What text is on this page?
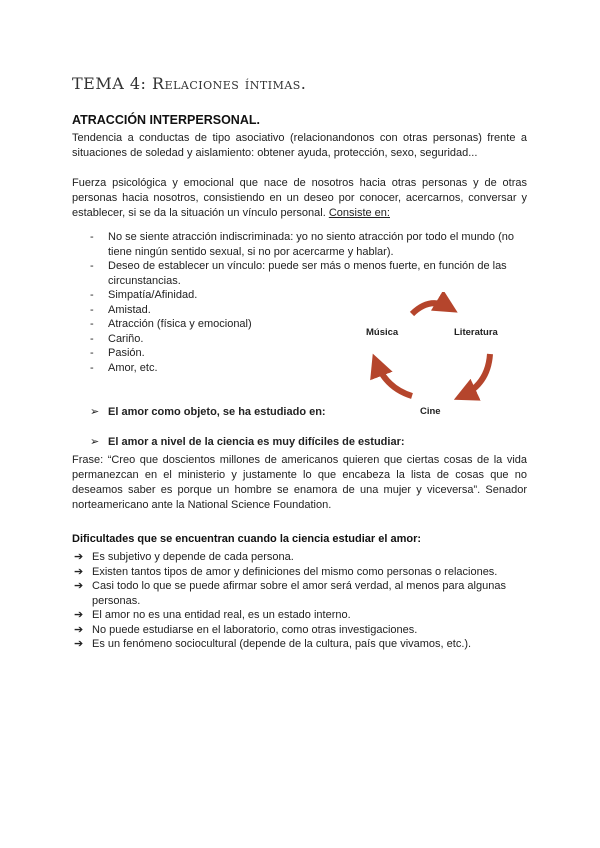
TEMA 4: Relaciones íntimas.
ATRACCIÓN INTERPERSONAL.
Tendencia a conductas de tipo asociativo (relacionandonos con otras personas) frente a situaciones de soledad y aislamiento: obtener ayuda, protección, sexo, seguridad...
Fuerza psicológica y emocional que nace de nosotros hacia otras personas y de otras personas hacia nosotros, consistiendo en un deseo por conocer, acercarnos, conversar y establecer, si se da la situación un vínculo personal. Consiste en:
- No se siente atracción indiscriminada: yo no siento atracción por todo el mundo (no tiene ningún sentido sexual, si no por acercarme y hablar).
- Deseo de establecer un vínculo: puede ser más o menos fuerte, en función de las circunstancias.
- Simpatía/Afinidad.
- Amistad.
- Atracción (física y emocional)
- Cariño.
- Pasión.
- Amor, etc.
Música	Literatura
Cine
➢ El amor como objeto, se ha estudiado en:
➢ El amor a nivel de la ciencia es muy difíciles de estudiar:
Frase: “Creo que doscientos millones de americanos quieren que ciertas cosas de la vida permanezcan en el ministerio y justamente lo que encabeza la lista de cosas que no deseamos saber es porque un hombre se enamora de una mujer y viceversa”. Senador norteamericano ante la National Science Foundation.
Dificultades que se encuentran cuando la ciencia estudiar el amor:
➔ Es subjetivo y depende de cada persona.
➔ Existen tantos tipos de amor y definiciones del mismo como personas o relaciones.
➔ Casi todo lo que se puede afirmar sobre el amor será verdad, al menos para algunas personas.
➔ El amor no es una entidad real, es un estado interno.
➔ No puede estudiarse en el laboratorio, como otras investigaciones.
➔ Es un fenómeno sociocultural (depende de la cultura, país que vivamos, etc.).
